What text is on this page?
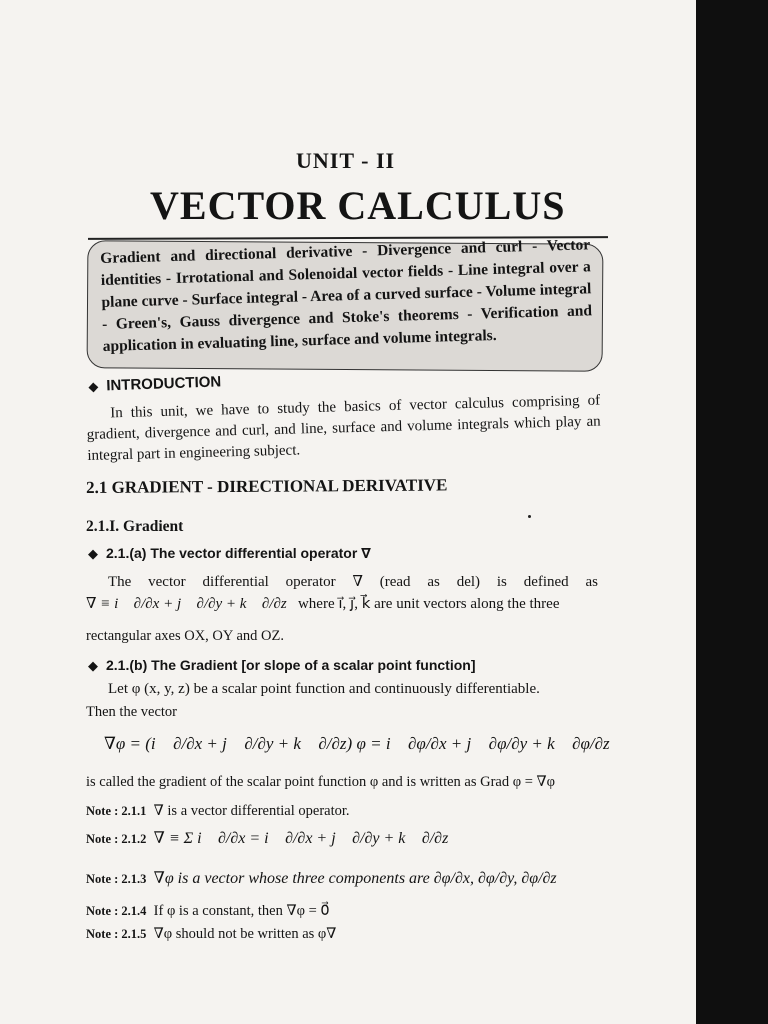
UNIT - II
VECTOR CALCULUS
Gradient and directional derivative - Divergence and curl - Vector identities - Irrotational and Solenoidal vector fields - Line integral over a plane curve - Surface integral - Area of a curved surface - Volume integral - Green's, Gauss divergence and Stoke's theorems - Verification and application in evaluating line, surface and volume integrals.
◆ INTRODUCTION
In this unit, we have to study the basics of vector calculus comprising of gradient, divergence and curl, and line, surface and volume integrals which play an integral part in engineering subject.
2.1 GRADIENT - DIRECTIONAL DERIVATIVE
2.1.I. Gradient
◆ 2.1.(a) The vector differential operator ∇
The vector differential operator ∇ (read as del) is defined as
∇ ≡ i⃗ ∂/∂x + j⃗ ∂/∂y + k⃗ ∂/∂z where i⃗, j⃗, k⃗ are unit vectors along the three
rectangular axes OX, OY and OZ.
◆ 2.1.(b) The Gradient [or slope of a scalar point function]
Let φ (x, y, z) be a scalar point function and continuously differentiable.
Then the vector
∇φ = (i⃗ ∂/∂x + j⃗ ∂/∂y + k⃗ ∂/∂z) φ = i⃗ ∂φ/∂x + j⃗ ∂φ/∂y + k⃗ ∂φ/∂z
is called the gradient of the scalar point function φ and is written as Grad φ = ∇φ
Note : 2.1.1 ∇ is a vector differential operator.
Note : 2.1.2 ∇ ≡ Σ i⃗ ∂/∂x = i⃗ ∂/∂x + j⃗ ∂/∂y + k⃗ ∂/∂z
Note : 2.1.3 ∇φ is a vector whose three components are ∂φ/∂x, ∂φ/∂y, ∂φ/∂z
Note : 2.1.4 If φ is a constant, then ∇φ = 0⃗
Note : 2.1.5 ∇φ should not be written as φ∇
